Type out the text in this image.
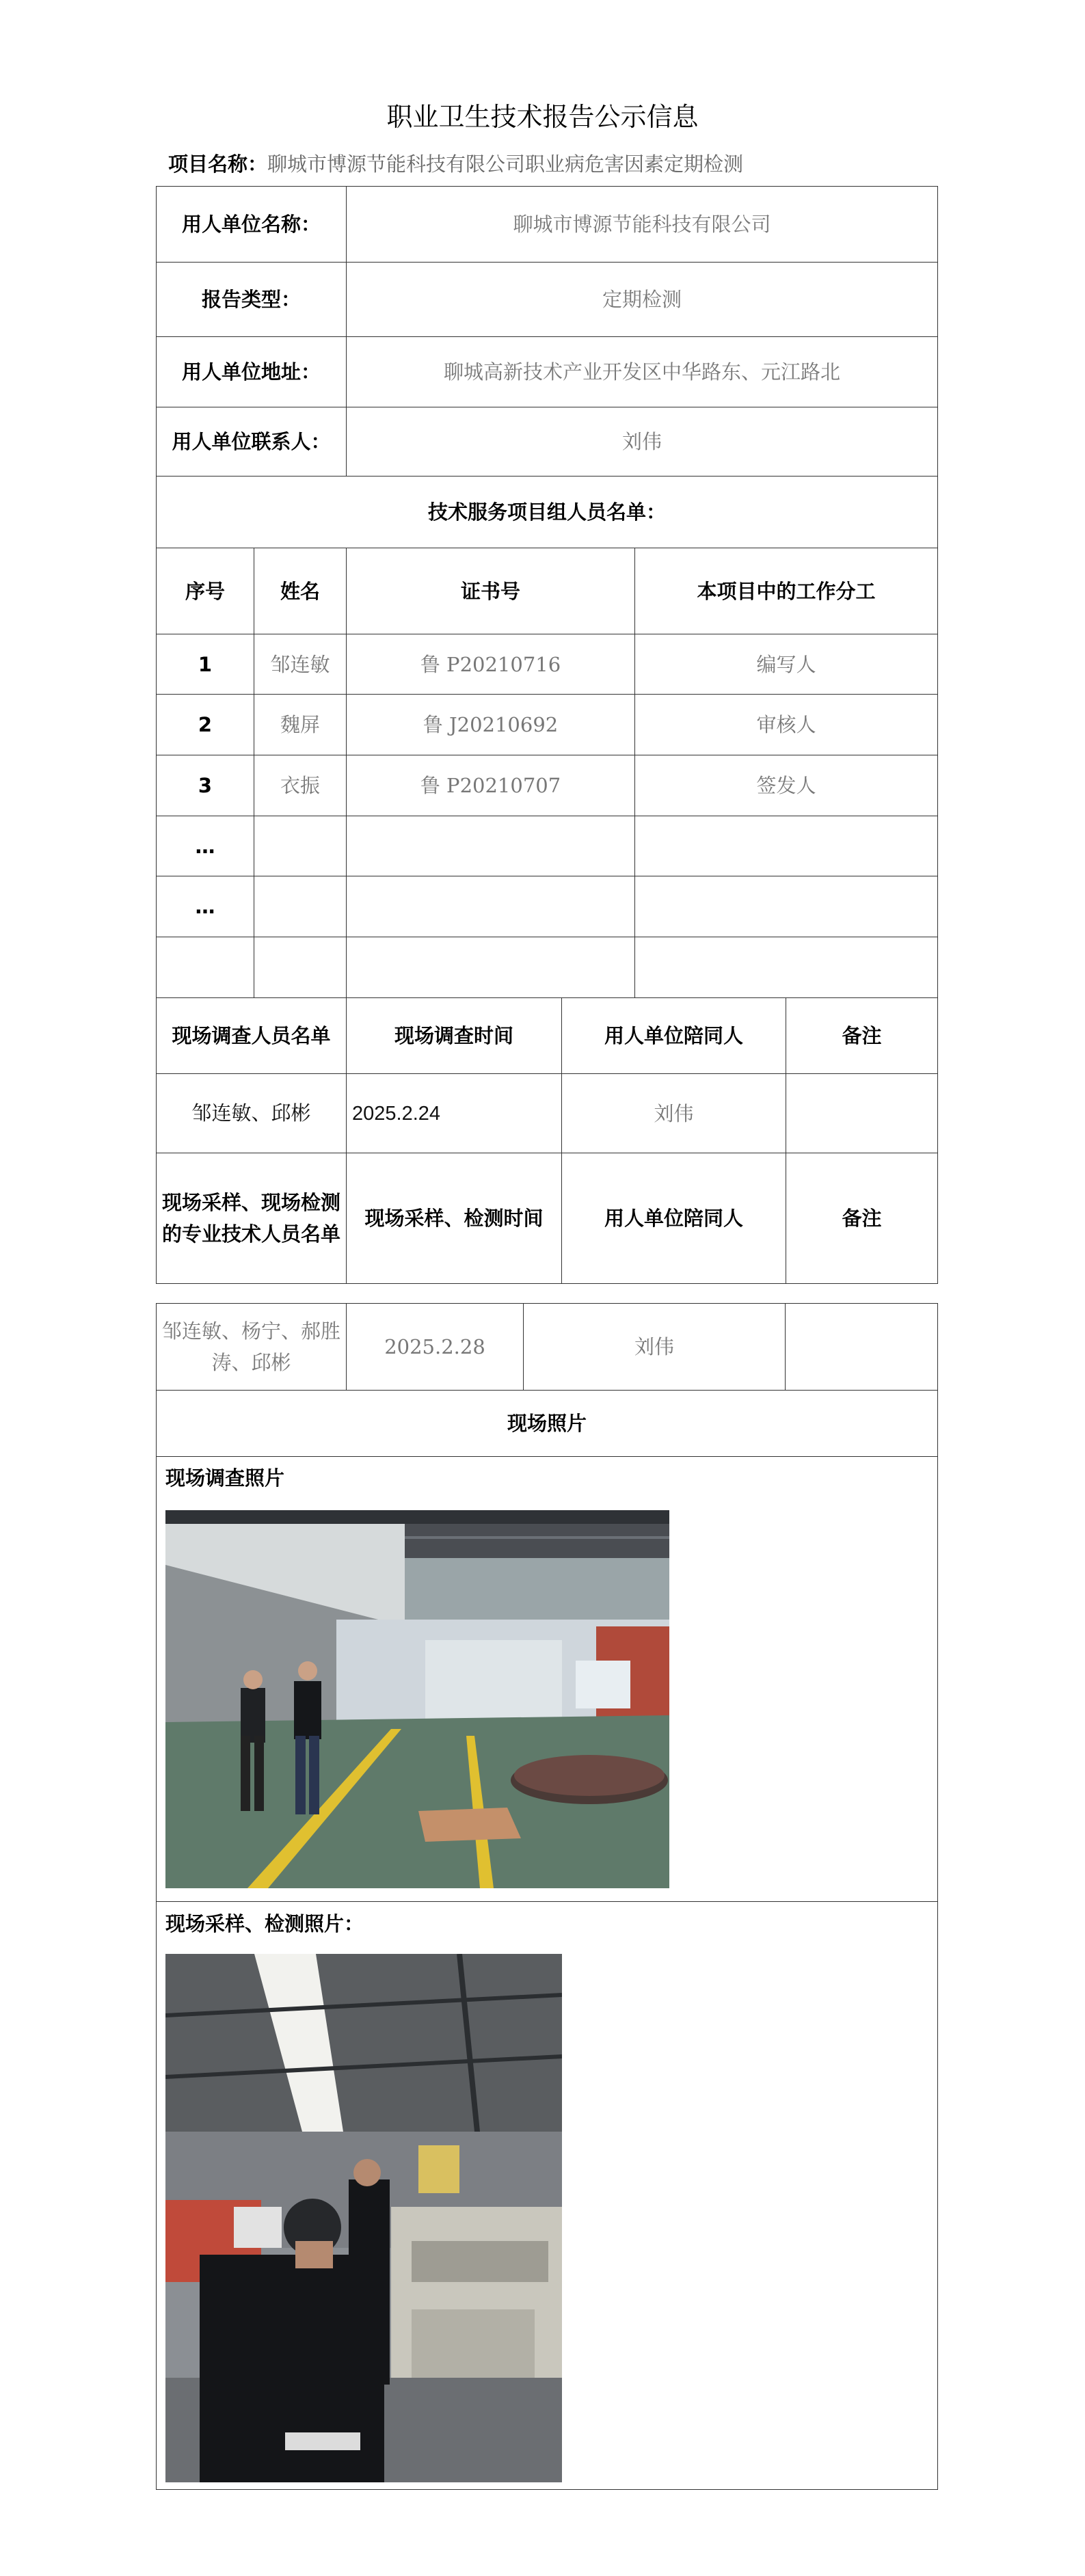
职业卫生技术报告公示信息
项目名称：聊城市博源节能科技有限公司职业病危害因素定期检测
用人单位名称：		聊城市博源节能科技有限公司			
报告类型：		定期检测			
用人单位地址：		聊城高新技术产业开发区中华路东、元江路北			
用人单位联系人：		刘伟			
技术服务项目组人员名单：					
序号	姓名	证书号		本项目中的工作分工	
1	邹连敏	鲁 P20210716		编写人	
2	魏屏	鲁 J20210692		审核人	
3	衣振	鲁 P20210707		签发人	
…					
…					

现场调查人员名单		现场调查时间	用人单位陪同人		备注
邹连敏、邱彬		2025.2.24	刘伟		
现场采样、现场检测的专业技术人员名单		现场采样、检测时间	用人单位陪同人		备注
邹连敏、杨宁、郝胜涛、邱彬	2025.2.28	刘伟	
现场照片

现场调查照片
现场采样、检测照片：
